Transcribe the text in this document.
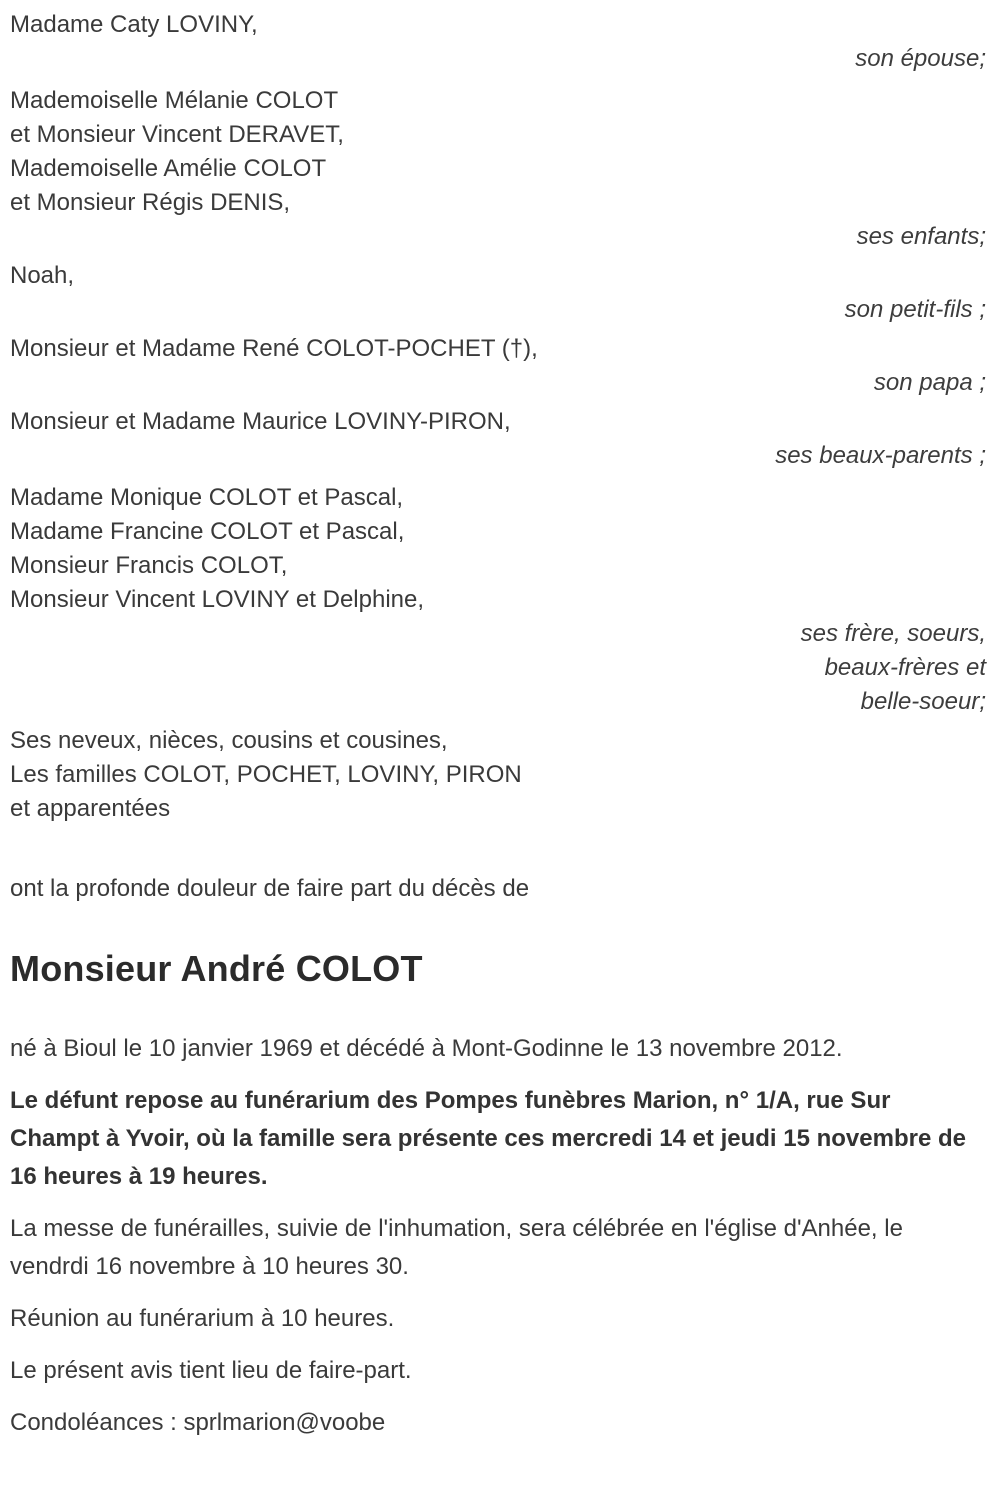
Madame Caty LOVINY,
son épouse;
Mademoiselle Mélanie COLOT
et Monsieur Vincent DERAVET,
Mademoiselle Amélie COLOT
et Monsieur Régis DENIS,
ses enfants;
Noah,
son petit-fils ;
Monsieur et Madame René COLOT-POCHET (†),
son papa ;
Monsieur et Madame Maurice LOVINY-PIRON,
ses beaux-parents ;
Madame Monique COLOT et Pascal,
Madame Francine COLOT et Pascal,
Monsieur Francis COLOT,
Monsieur Vincent LOVINY et Delphine,
ses frère, soeurs,
beaux-frères et
belle-soeur;
Ses neveux, nièces, cousins et cousines,
Les familles COLOT, POCHET, LOVINY, PIRON
et apparentées
ont la profonde douleur de faire part du décès de
Monsieur André COLOT

né à Bioul le 10 janvier 1969 et décédé à Mont-Godinne le 13 novembre 2012.

Le défunt repose au funérarium des Pompes funèbres Marion, n° 1/A, rue Sur Champt à Yvoir, où la famille sera présente ces mercredi 14 et jeudi 15 novembre de 16 heures à 19 heures.

La messe de funérailles, suivie de l'inhumation, sera célébrée en l'église d'Anhée, le vendrdi 16 novembre à 10 heures 30.

Réunion au funérarium à 10 heures.

Le présent avis tient lieu de faire-part.

Condoléances : sprlmarion@voobe
